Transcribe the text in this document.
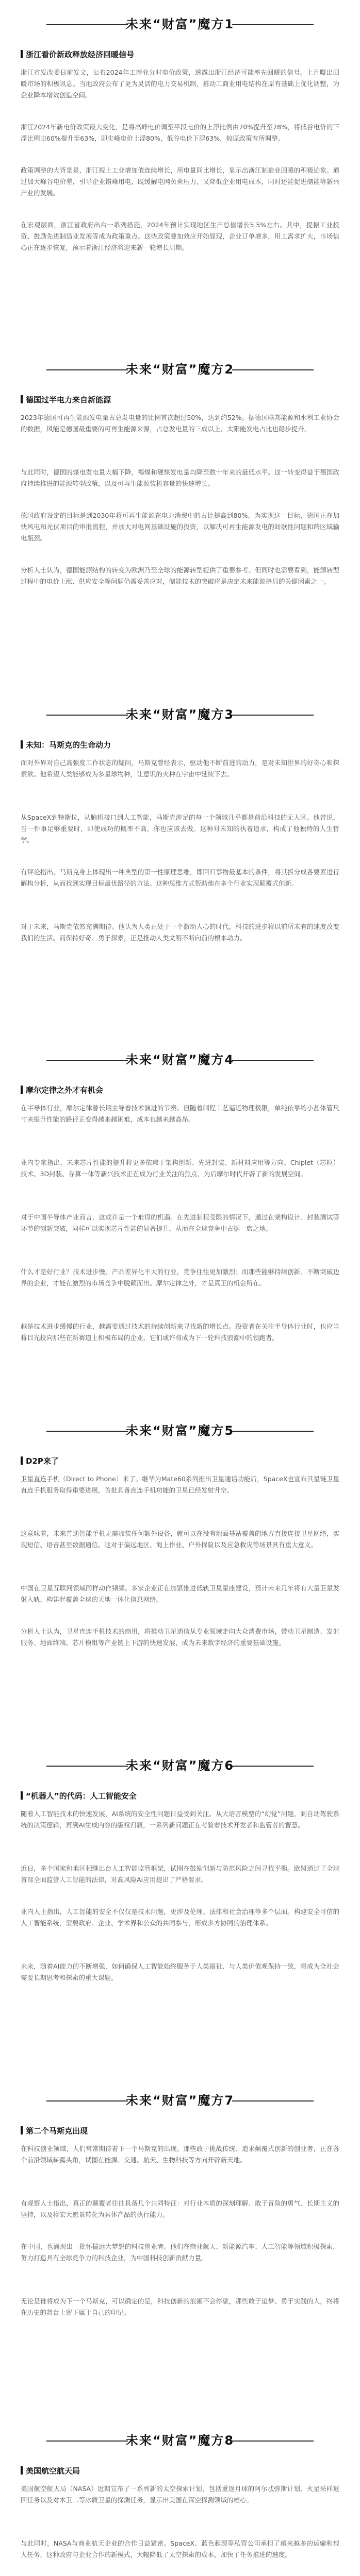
未来“财富”魔方1
浙江看价新政释放经济回暖信号
浙江省发改委日前发文，公布2024年工商业分时电价政策，透露出浙江经济可能率先回暖的信号。上月曝出回暖市场的积极讯息。当地政府公布了更为灵活的电力交易机制，推动工商业用电结构在原有基础上优化调整，为企业降本增效创造空间。
浙江2024年新电价政策最大变化，是将高峰电价调至平段电价的上浮比例由70%提升至78%，将低谷电价的下浮比例由60%提升至63%，即尖峰电价上浮80%，低谷电价下浮63%，较原政策有所调整。
政策调整的大背景是，浙江规上工业增加值连续增长，用电量同比增长，显示出浙江制造业回暖的积极迹象。通过加大峰谷电价差，引导企业错峰用电，既缓解电网负荷压力，又降低企业用电成本，同时还能促进储能等新兴产业的发展。
在宏观层面，浙江省政府出台一系列措施，2024年预计实现地区生产总值增长5.5%左右。其中，提振工业投资、鼓励先进制造业发展等成为政策重点。这些政策叠加效应开始显现，企业订单增多，用工需求扩大，市场信心正在逐步恢复，预示着浙江经济将迎来新一轮增长周期。
未来“财富”魔方2
德国过半电力来自新能源
2023年德国可再生能源发电量占总发电量的比例首次超过50%，达到约52%。据德国联邦能源和水利工业协会的数据，风能是德国最重要的可再生能源来源，占总发电量的三成以上，太阳能发电占比也稳步提升。
与此同时，德国的煤电发电量大幅下降，褐煤和硬煤发电量均降至数十年来的最低水平。这一转变得益于德国政府持续推进的能源转型政策，以及可再生能源装机容量的快速增长。
德国政府设定的目标是到2030年将可再生能源在电力消费中的占比提高到80%。为实现这一目标，德国正在加快风电和光伏项目的审批流程，并加大对电网基础设施的投资，以解决可再生能源发电的间歇性问题和跨区域输电瓶颈。
分析人士认为，德国能源结构的转变为欧洲乃至全球的能源转型提供了重要参考。但同时也需要看到，能源转型过程中的电价上涨、供应安全等问题仍需妥善应对，储能技术的突破将是决定未来能源格局的关键因素之一。
未来“财富”魔方3
未知：马斯克的生命动力
面对外界对自己高强度工作状态的疑问，马斯克曾经表示，驱动他不断前进的动力，是对未知世界的好奇心和探索欲。他希望人类能够成为多星球物种，让意识的火种在宇宙中延续下去。
从SpaceX到特斯拉，从脑机接口到人工智能，马斯克涉足的每一个领域几乎都是前沿科技的无人区。他曾说，当一件事足够重要时，即使成功的概率不高，你也应该去做。这种对未知的执着追求，构成了他独特的人生哲学。
有评论指出，马斯克身上体现出一种典型的第一性原理思维，即回归事物最基本的条件，将其拆分成各要素进行解构分析，从而找到实现目标最优路径的方法。这种思维方式帮助他在多个行业实现颠覆式创新。
对于未来，马斯克依然充满期待。他认为人类正处于一个激动人心的时代，科技的进步将以前所未有的速度改变我们的生活。而保持好奇、勇于探索，正是推动人类文明不断向前的根本动力。
未来“财富”魔方4
摩尔定律之外才有机会
在半导体行业，摩尔定律曾长期主导着技术演进的节奏。但随着制程工艺逼近物理极限，单纯依靠缩小晶体管尺寸来提升性能的路径正变得越来越困难，成本也越来越高昂。
业内专家指出，未来芯片性能的提升将更多依赖于架构创新、先进封装、新材料应用等方向。Chiplet（芯粒）技术、3D封装、存算一体等新兴技术正在成为行业关注的焦点，为后摩尔时代开辟了新的发展空间。
对于中国半导体产业而言，这或许是一个难得的机遇。在先进制程受限的情况下，通过在架构设计、封装测试等环节的创新突破，同样可以实现芯片性能的显著提升，从而在全球竞争中占据一席之地。
什么才是好行业？技术进步慢、产品差异化不大的行业，竞争往往更加激烈；而那些能够持续创新、不断突破边界的企业，才能在激烈的市场竞争中脱颖而出。摩尔定律之外，才是真正的机会所在。
越是技术进步缓慢的行业，越需要通过技术的持续创新来寻找新的增长点。投资者在关注半导体行业时，也应当将目光投向那些在新赛道上积极布局的企业，它们或许将成为下一轮科技浪潮中的领跑者。
未来“财富”魔方5
D2P来了
卫星直连手机（Direct to Phone）来了。继华为Mate60系列推出卫星通话功能后，SpaceX也宣布其星链卫星直连手机服务取得重要进展，首批具备直连手机功能的卫星已经发射升空。
这意味着，未来普通智能手机无需加装任何额外设备，就可以在没有地面基站覆盖的地方直接连接卫星网络，实现短信、语音甚至数据通信。这对于偏远地区、海上作业、户外探险以及应急救灾等场景具有重大意义。
中国在卫星互联网领域同样动作频频。多家企业正在加紧推进低轨卫星星座建设，预计未来几年将有大量卫星发射入轨，构建起覆盖全球的天地一体化信息网络。
分析人士认为，卫星直连手机技术的商用，将推动卫星通信从专业领域走向大众消费市场，带动卫星制造、发射服务、地面终端、芯片模组等产业链上下游的快速发展，成为未来数字经济的重要基础设施。
未来“财富”魔方6
“机器人”的代码：人工智能安全
随着人工智能技术的快速发展，AI系统的安全性问题日益受到关注。从大语言模型的“幻觉”问题，到自动驾驶系统的决策逻辑，再到AI生成内容的版权归属，一系列新问题正在考验着技术开发者和监管者的智慧。
近日，多个国家和地区相继出台人工智能监管框架，试图在鼓励创新与防范风险之间寻找平衡。欧盟通过了全球首部全面监管人工智能的法律，对高风险AI应用提出了严格要求。
业内人士指出，人工智能的安全不仅仅是技术问题，更涉及伦理、法律和社会治理等多个层面。构建安全可信的人工智能系统，需要政府、企业、学术界和公众的共同参与，形成多方协同的治理体系。
未来，随着AI能力的不断增强，如何确保人工智能始终服务于人类福祉、与人类价值观保持一致，将成为全社会需要长期思考和探索的重大课题。
未来“财富”魔方7
第二个马斯克出现
在科技创业领域，人们常常期待着下一个马斯克的出现。那些敢于挑战传统、追求颠覆式创新的创业者，正在各个前沿领域崭露头角，试图在能源、交通、航天、生物科技等方向开辟新天地。
有观察人士指出，真正的颠覆者往往具备几个共同特征：对行业本质的深刻理解、敢于冒险的勇气、长期主义的坚持，以及将宏大愿景转化为具体产品的执行能力。
在中国，也涌现出一批怀揣远大梦想的科技创业者。他们在商业航天、新能源汽车、人工智能等领域积极探索，努力打造具有全球竞争力的科技企业，为中国科技创新贡献力量。
无论是谁将成为下一个马斯克，可以确定的是，科技创新的浪潮不会停歇，那些敢于追梦、勇于实践的人，终将在历史的舞台上留下属于自己的印记。
未来“财富”魔方8
美国航空航天局
美国航空航天局（NASA）近期宣布了一系列新的太空探索计划，包括重返月球的阿尔忒弥斯计划、火星采样返回任务以及对木卫二等冰质卫星的探测任务，显示出美国在深空探测领域的雄心。
与此同时，NASA与商业航天企业的合作日益紧密。SpaceX、蓝色起源等私营公司承担了越来越多的运输和载人任务，这种政府与企业合作的新模式，大幅降低了太空探索的成本，加快了任务推进的速度。
